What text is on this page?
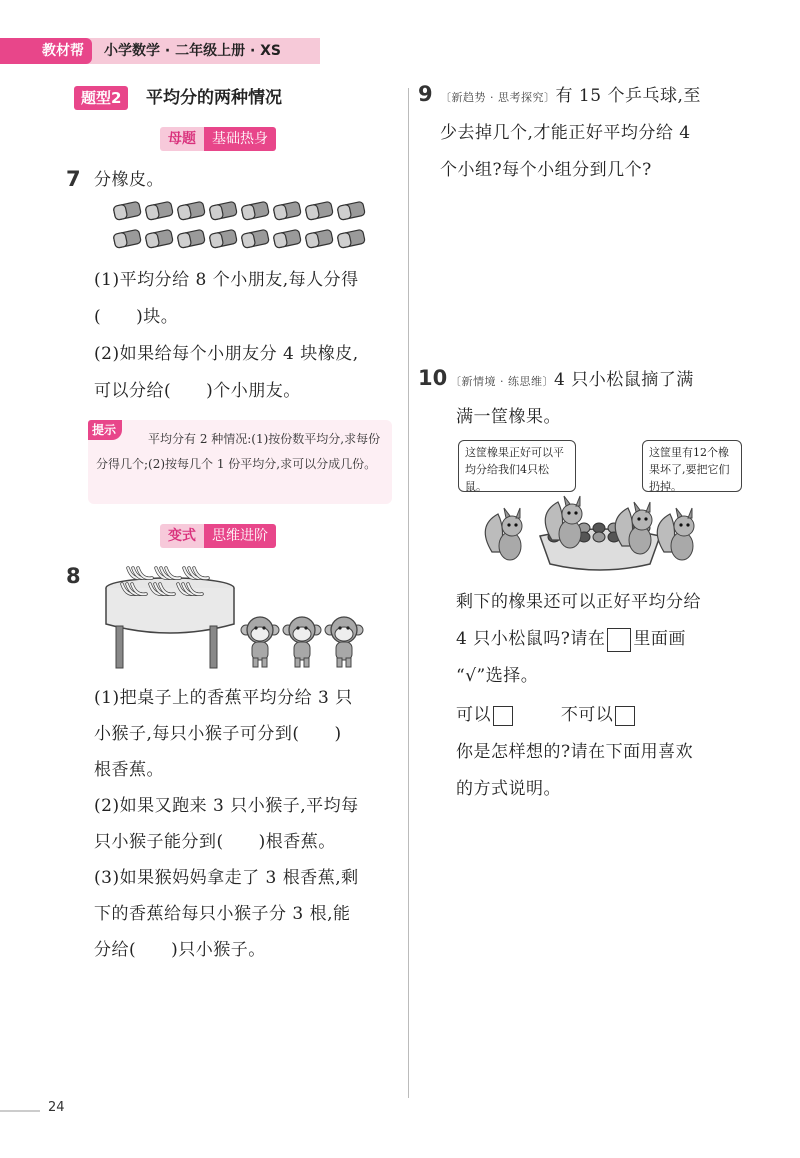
教材帮	小学数学 · 二年级上册 · XS
题型2	平均分的两种情况
母题	基础热身
7 分橡皮。
(1)平均分给 8 个小朋友,每人分得
(　　)块。
(2)如果给每个小朋友分 4 块橡皮,
可以分给(　　)个小朋友。
提示
平均分有 2 种情况:(1)按份数平均分,求每份分得几个;(2)按每几个 1 份平均分,求可以分成几份。
变式	思维进阶
8
(1)把桌子上的香蕉平均分给 3 只
小猴子,每只小猴子可分到(　　)
根香蕉。
(2)如果又跑来 3 只小猴子,平均每
只小猴子能分到(　　)根香蕉。
(3)如果猴妈妈拿走了 3 根香蕉,剩
下的香蕉给每只小猴子分 3 根,能
分给(　　)只小猴子。
9 〔新趋势 · 思考探究〕有 15 个乒乓球,至
少去掉几个,才能正好平均分给 4
个小组?每个小组分到几个?
10 〔新情境 · 练思维〕4 只小松鼠摘了满
满一筐橡果。
这筐橡果正好可以平均分给我们4只松鼠。
这筐里有12个橡果坏了,要把它们扔掉。
剩下的橡果还可以正好平均分给
4 只小松鼠吗?请在 里面画
“√”选择。
可以	不可以
你是怎样想的?请在下面用喜欢
的方式说明。
24
